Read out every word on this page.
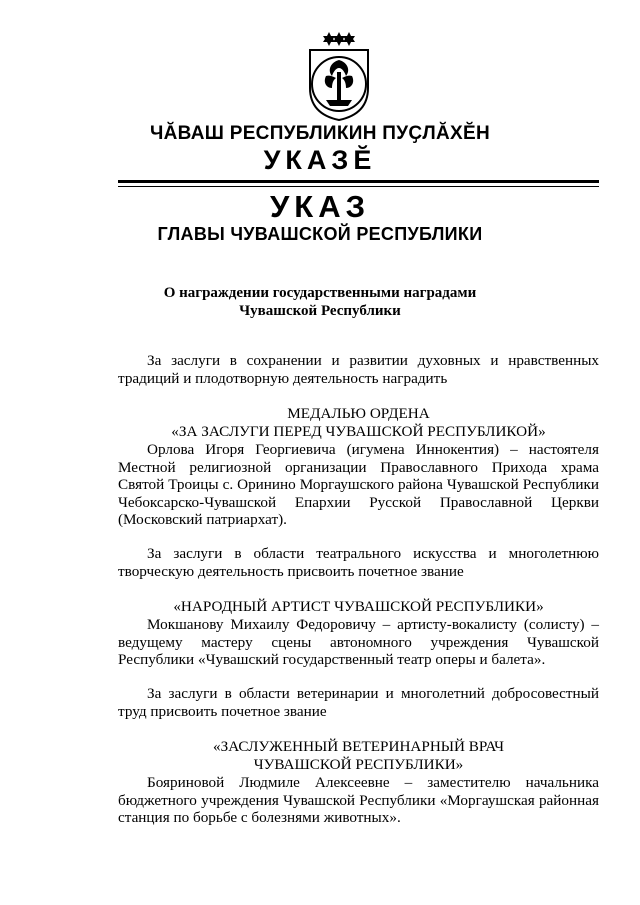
ЧӐВАШ РЕСПУБЛИКИН ПУҪЛӐХӖН
УКАЗӖ
УКАЗ
ГЛАВЫ ЧУВАШСКОЙ РЕСПУБЛИКИ
О награждении государственными наградами
Чувашской Республики
За заслуги в сохранении и развитии духовных и нравственных традиций и плодотворную деятельность наградить
МЕДАЛЬЮ ОРДЕНА
«ЗА ЗАСЛУГИ ПЕРЕД ЧУВАШСКОЙ РЕСПУБЛИКОЙ»
Орлова Игоря Георгиевича (игумена Иннокентия) – настоятеля Местной религиозной организации Православного Прихода храма Святой Троицы с. Оринино Моргаушского района Чувашской Республики Чебоксарско-Чувашской Епархии Русской Православной Церкви (Московский патриархат).
За заслуги в области театрального искусства и многолетнюю творческую деятельность присвоить почетное звание
«НАРОДНЫЙ АРТИСТ ЧУВАШСКОЙ РЕСПУБЛИКИ»
Мокшанову Михаилу Федоровичу – артисту-вокалисту (солисту) – ведущему мастеру сцены автономного учреждения Чувашской Республики «Чувашский государственный театр оперы и балета».
За заслуги в области ветеринарии и многолетний добросовестный труд присвоить почетное звание
«ЗАСЛУЖЕННЫЙ ВЕТЕРИНАРНЫЙ ВРАЧ
ЧУВАШСКОЙ РЕСПУБЛИКИ»
Бояриновой Людмиле Алексеевне – заместителю начальника бюджетного учреждения Чувашской Республики «Моргаушская районная станция по борьбе с болезнями животных».
